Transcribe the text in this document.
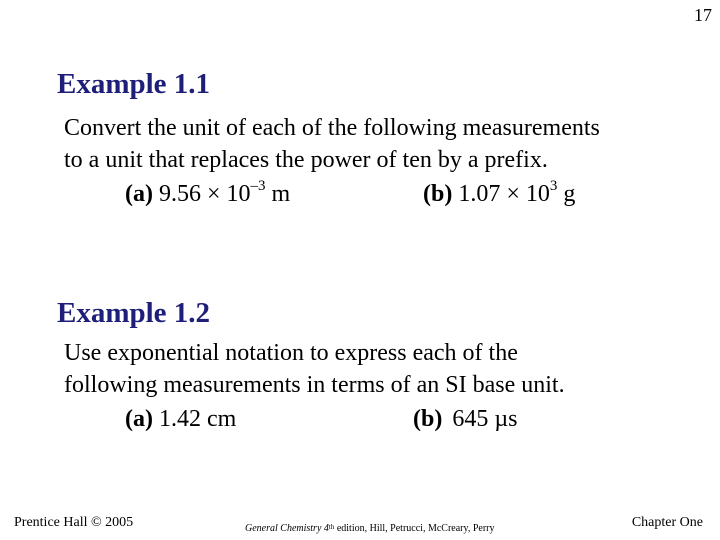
17
Example 1.1
Convert the unit of each of the following measurements
to a unit that replaces the power of ten by a prefix.
(a) $9.56 \times 10^{-3}$ m	(b) $1.07 \times 10^3$ g
Example 1.2
Use exponential notation to express each of the
following measurements in terms of an SI base unit.
(a) 1.42 cm	(b) 645 µs
Prentice Hall © 2005	General Chemistry 4th edition, Hill, Petrucci, McCreary, Perry	Chapter One
